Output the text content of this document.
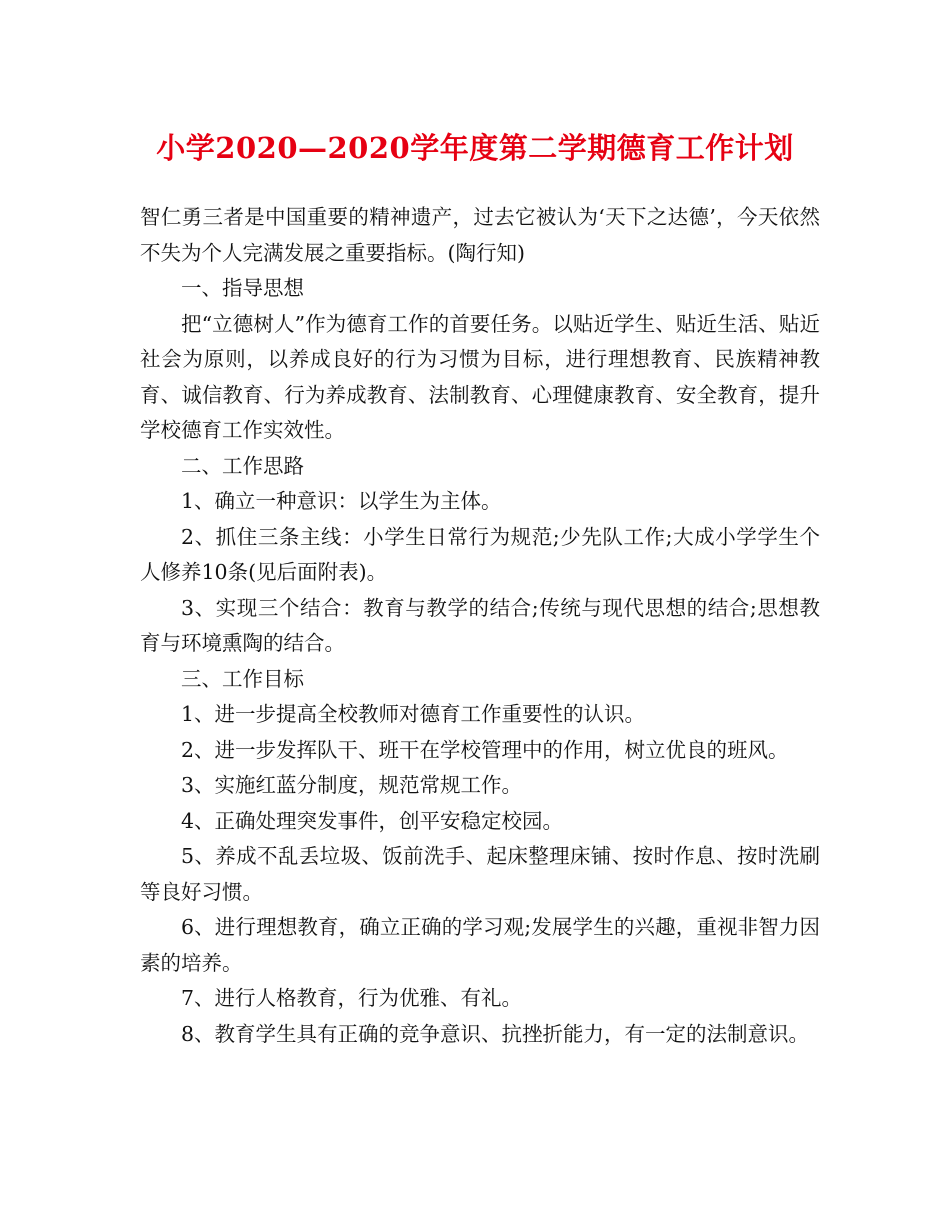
小学2020—2020学年度第二学期德育工作计划

智仁勇三者是中国重要的精神遗产，过去它被认为‘天下之达德’，今天依然不失为个人完满发展之重要指标。(陶行知)

一、指导思想

把“立德树人”作为德育工作的首要任务。以贴近学生、贴近生活、贴近社会为原则，以养成良好的行为习惯为目标，进行理想教育、民族精神教育、诚信教育、行为养成教育、法制教育、心理健康教育、安全教育，提升学校德育工作实效性。

二、工作思路

1、确立一种意识：以学生为主体。

2、抓住三条主线：小学生日常行为规范;少先队工作;大成小学学生个人修养10条(见后面附表)。

3、实现三个结合：教育与教学的结合;传统与现代思想的结合;思想教育与环境熏陶的结合。

三、工作目标

1、进一步提高全校教师对德育工作重要性的认识。

2、进一步发挥队干、班干在学校管理中的作用，树立优良的班风。

3、实施红蓝分制度，规范常规工作。

4、正确处理突发事件，创平安稳定校园。

5、养成不乱丢垃圾、饭前洗手、起床整理床铺、按时作息、按时洗刷等良好习惯。

6、进行理想教育，确立正确的学习观;发展学生的兴趣，重视非智力因素的培养。

7、进行人格教育，行为优雅、有礼。

8、教育学生具有正确的竞争意识、抗挫折能力，有一定的法制意识。
